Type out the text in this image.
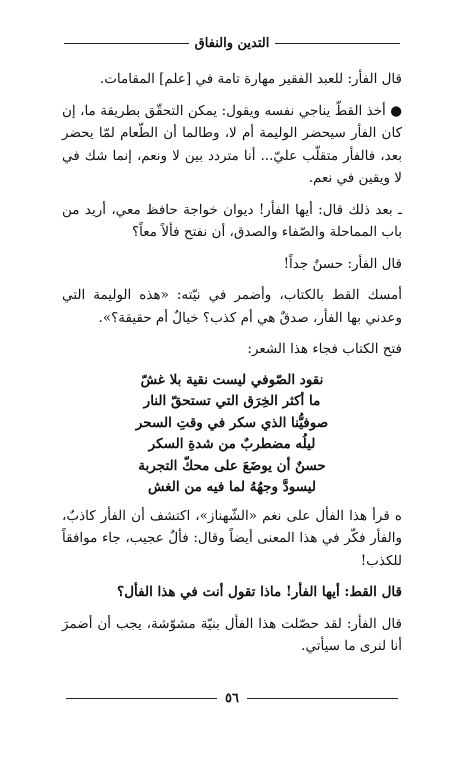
التدين والنفاق

قال الفأر: للعبد الفقير مهارة تامة في [علم] المقامات.

● أخذ القطّ يناجي نفسه ويقول: يمكن التحقّق بطريقة ما، إن كان الفأر سيحضر الوليمة أم لا، وطالما أن الطّعام لمّا يحضر بعد، فالفأر متقلّب عليّ... أنا متردد بين لا ونعم، إنما شك في لا ويقين في نعم.

ـ بعد ذلك قال: أيها الفأر! ديوان خواجة حافظ معي، أريد من باب المماحلة والصّفاء والصدق، أن نفتح فألاً معاً؟

قال الفأر: حسنٌ جداً!

أمسك القط بالكتاب، وأضمر في نيّته: «هذه الوليمة التي وعدني بها الفأر، صدقٌ هي أم كذب؟ خيالٌ أم حقيقة؟».

فتح الكتاب فجاء هذا الشعر:

نقود الصّوفي ليست نقية بلا غشّ
ما أكثر الخِرَق التي تستحقّ النار
صوفيُّنا الذي سكر في وقتِ السحر
ليلُه مضطربٌ من شدةِ السكر
حسنٌ أن يوضَعَ على محكّ التجربة
ليسودَّ وجهُهُ لما فيه من الغش

ه قرأ هذا الفأل على نغم «الشّهناز»، اكتشف أن الفأر كاذبٌ، والفأر فكّر في هذا المعنى أيضاً وقال: فألٌ عجيب، جاء موافقاً للكذب!

قال القط: أيها الفأر! ماذا تقول أنت في هذا الفأل؟

قال الفأر: لقد حصّلت هذا الفأل بنيّة مشوّشة، يجب أن أضمرَ أنا لنرى ما سيأتي.

٥٦
